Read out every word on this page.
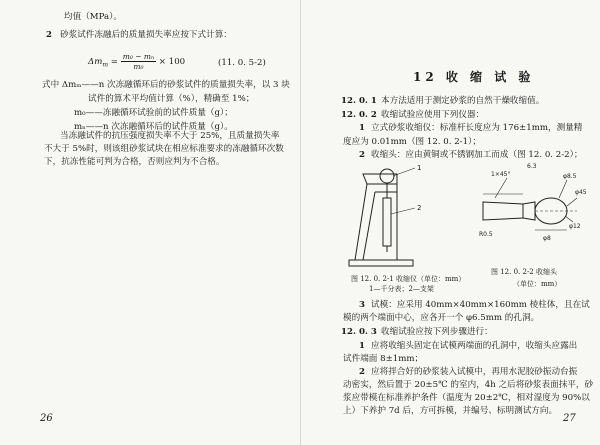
均值（MPa）。
2 砂浆试件冻融后的质量损失率应按下式计算：
$\Delta m_m = \frac{\text{m₀ − mₙ}}{\text{m₀}} \times 100$	(11. 0. 5-2)
式中 Δmₘ——n 次冻融循环后的砂浆试件的质量损失率，以 3 块
试件的算术平均值计算（%），精确至 1%；
m₀——冻融循环试验前的试件质量（g）；
mₙ——n 次冻融循环后的试件质量（g）。
当冻融试件的抗压强度损失率不大于 25%，且质量损失率
不大于 5%时，则该组砂浆试块在相应标准要求的冻融循环次数
下，抗冻性能可判为合格，否则应判为不合格。
26
12 收 缩 试 验
12. 0. 1 本方法适用于测定砂浆的自然干燥收缩值。
12. 0. 2 收缩试验应使用下列仪器：
1 立式砂浆收缩仪：标准杆长度应为 176±1mm，测量精
度应为 0.01mm（图 12. 0. 2-1）；
2 收缩头：应由黄铜或不锈钢加工而成（图 12. 0. 2-2）；
1
2
6.3
1×45°	φ8.5
φ45
R0.5
φ12
φ8
图 12. 0. 2-1 收缩仪（单位：mm）
1—千分表；2—支架
图 12. 0. 2-2 收缩头
（单位：mm）
3 试模：应采用 40mm×40mm×160mm 棱柱体，且在试
模的两个端面中心，应各开一个 φ6.5mm 的孔洞。
12. 0. 3 收缩试验应按下列步骤进行：
1 应将收缩头固定在试模两端面的孔洞中，收缩头应露出
试件端面 8±1mm；
2 应将拌合好的砂浆装入试模中，再用水泥胶砂振动台振
动密实，然后置于 20±5℃ 的室内，4h 之后将砂浆表面抹平，砂
浆应带模在标准养护条件（温度为 20±2℃，相对湿度为 90%以
上）下养护 7d 后，方可拆模，并编号、标明测试方向。
27
